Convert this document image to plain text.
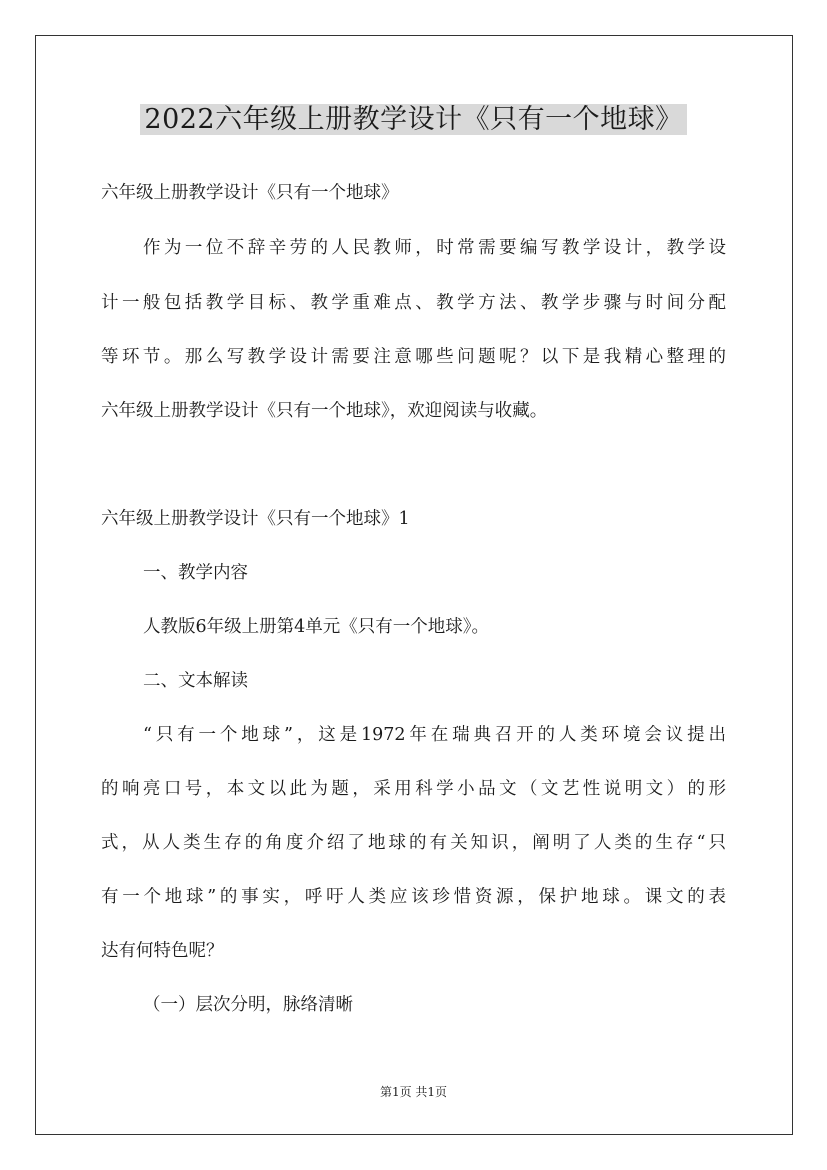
2022六年级上册教学设计《只有一个地球》

六年级上册教学设计《只有一个地球》

作为一位不辞辛劳的人民教师，时常需要编写教学设计，教学设

计一般包括教学目标、教学重难点、教学方法、教学步骤与时间分配

等环节。那么写教学设计需要注意哪些问题呢？以下是我精心整理的

六年级上册教学设计《只有一个地球》，欢迎阅读与收藏。

六年级上册教学设计《只有一个地球》1

一、教学内容

人教版6年级上册第4单元《只有一个地球》。

二、文本解读

“只有一个地球”，这是1972年在瑞典召开的人类环境会议提出

的响亮口号，本文以此为题，采用科学小品文（文艺性说明文）的形

式，从人类生存的角度介绍了地球的有关知识，阐明了人类的生存“只

有一个地球”的事实，呼吁人类应该珍惜资源，保护地球。课文的表

达有何特色呢？

（一）层次分明，脉络清晰

第1页 共1页
